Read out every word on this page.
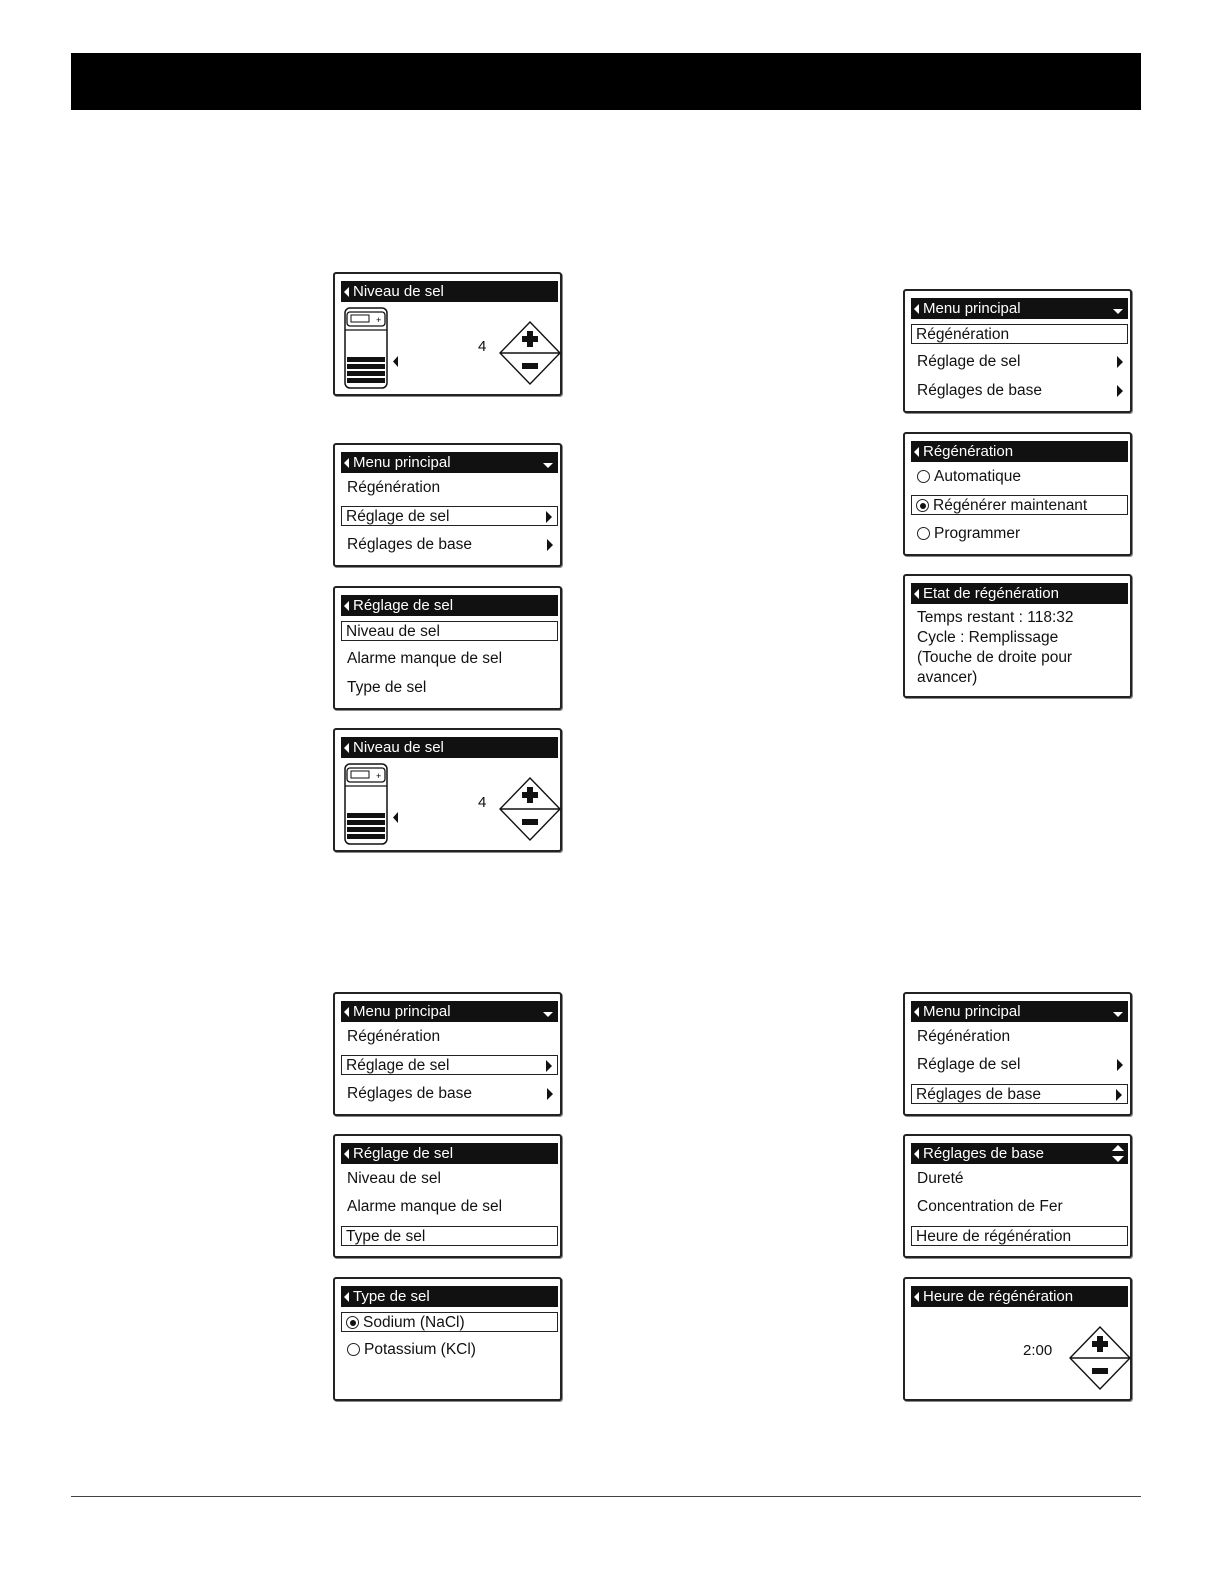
Niveau de sel
+
4
Menu principal
Régénération
Réglage de sel
Réglages de base
Réglage de sel
Niveau de sel
Alarme manque de sel
Type de sel
Niveau de sel
+
4
Menu principal
Régénération
Réglage de sel
Réglages de base
Réglage de sel
Niveau de sel
Alarme manque de sel
Type de sel
Type de sel
Sodium (NaCl)
Potassium (KCl)
Menu principal
Régénération
Réglage de sel
Réglages de base
Régénération
Automatique
Régénérer maintenant
Programmer
Etat de régénération
Temps restant : 118:32
Cycle : Remplissage
(Touche de droite pour
avancer)
Menu principal
Régénération
Réglage de sel
Réglages de base
Réglages de base
Dureté
Concentration de Fer
Heure de régénération
Heure de régénération
2:00
